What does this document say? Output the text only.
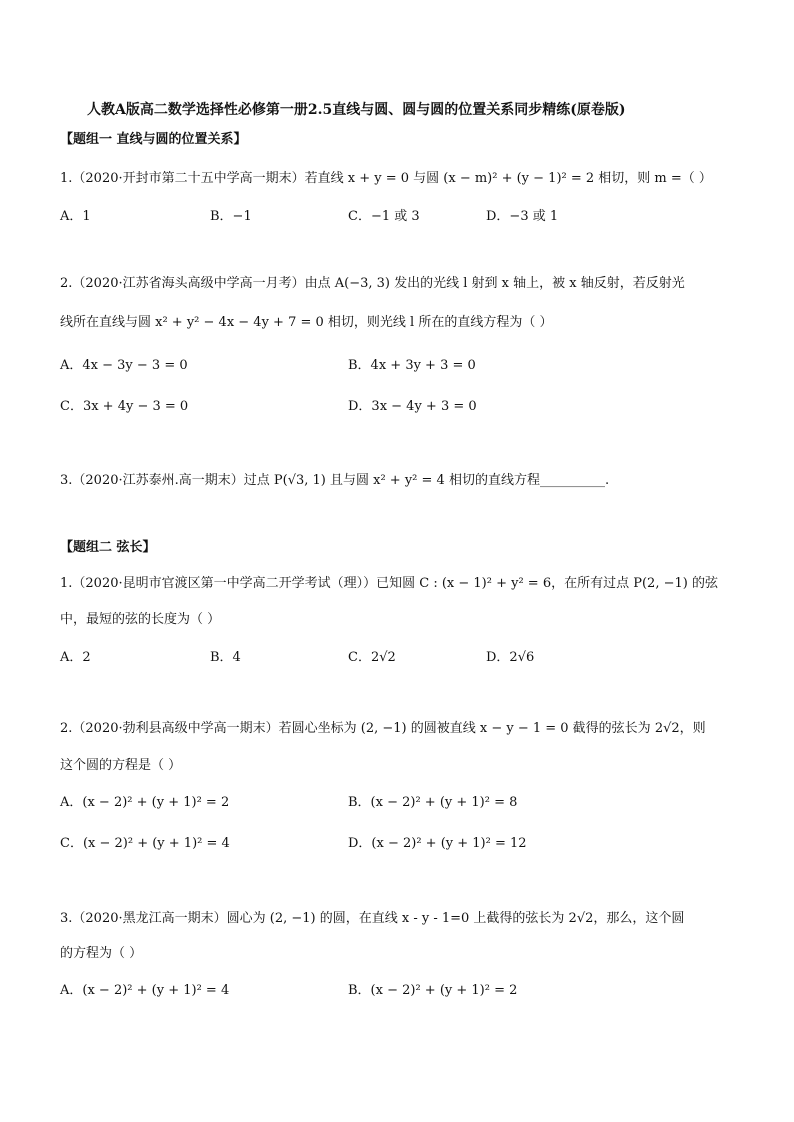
人教A版高二数学选择性必修第一册2.5直线与圆、圆与圆的位置关系同步精练(原卷版)
【题组一 直线与圆的位置关系】
1.（2020·开封市第二十五中学高一期末）若直线 x + y = 0 与圆 (x − m)² + (y − 1)² = 2 相切，则 m =（ ）
A．1	B．−1	C．−1 或 3	D．−3 或 1
2.（2020·江苏省海头高级中学高一月考）由点 A(−3, 3) 发出的光线 l 射到 x 轴上，被 x 轴反射，若反射光
线所在直线与圆 x² + y² − 4x − 4y + 7 = 0 相切，则光线 l 所在的直线方程为（ ）
A．4x − 3y − 3 = 0	B．4x + 3y + 3 = 0
C．3x + 4y − 3 = 0	D．3x − 4y + 3 = 0
3.（2020·江苏泰州.高一期末）过点 P(√3, 1) 且与圆 x² + y² = 4 相切的直线方程__________.
【题组二 弦长】
1.（2020·昆明市官渡区第一中学高二开学考试（理））已知圆 C : (x − 1)² + y² = 6，在所有过点 P(2, −1) 的弦
中，最短的弦的长度为（ ）
A．2	B．4	C．2√2	D．2√6
2.（2020·勃利县高级中学高一期末）若圆心坐标为 (2, −1) 的圆被直线 x − y − 1 = 0 截得的弦长为 2√2，则
这个圆的方程是（ ）
A．(x − 2)² + (y + 1)² = 2	B．(x − 2)² + (y + 1)² = 8
C．(x − 2)² + (y + 1)² = 4	D．(x − 2)² + (y + 1)² = 12
3.（2020·黑龙江高一期末）圆心为 (2, −1) 的圆，在直线 x - y - 1=0 上截得的弦长为 2√2，那么，这个圆
的方程为（ ）
A．(x − 2)² + (y + 1)² = 4	B．(x − 2)² + (y + 1)² = 2
